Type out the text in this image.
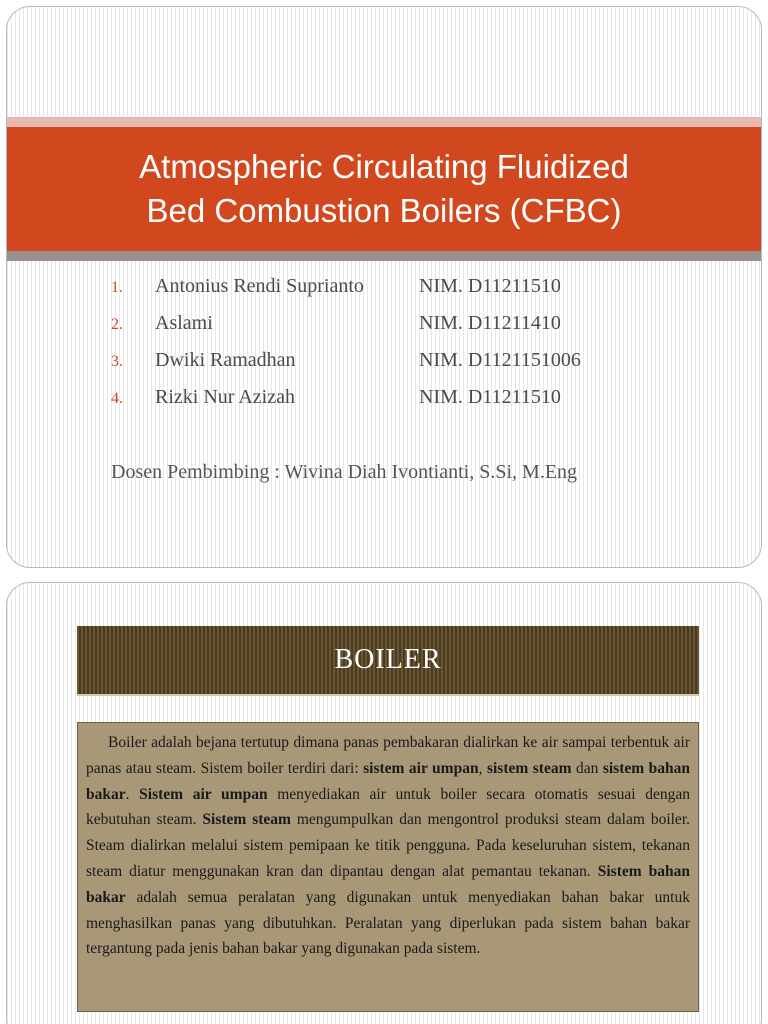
Atmospheric Circulating Fluidized
Bed Combustion Boilers (CFBC)
1. Antonius Rendi Suprianto	NIM. D11211510
2. Aslami	NIM. D11211410
3. Dwiki Ramadhan	NIM. D1121151006
4. Rizki Nur Azizah	NIM. D11211510
Dosen Pembimbing : Wivina Diah Ivontianti, S.Si, M.Eng
BOILER
Boiler adalah bejana tertutup dimana panas pembakaran dialirkan ke air sampai terbentuk air panas atau steam. Sistem boiler terdiri dari: sistem air umpan, sistem steam dan sistem bahan bakar. Sistem air umpan menyediakan air untuk boiler secara otomatis sesuai dengan kebutuhan steam. Sistem steam mengumpulkan dan mengontrol produksi steam dalam boiler. Steam dialirkan melalui sistem pemipaan ke titik pengguna. Pada keseluruhan sistem, tekanan steam diatur menggunakan kran dan dipantau dengan alat pemantau tekanan. Sistem bahan bakar adalah semua peralatan yang digunakan untuk menyediakan bahan bakar untuk menghasilkan panas yang dibutuhkan. Peralatan yang diperlukan pada sistem bahan bakar tergantung pada jenis bahan bakar yang digunakan pada sistem.
